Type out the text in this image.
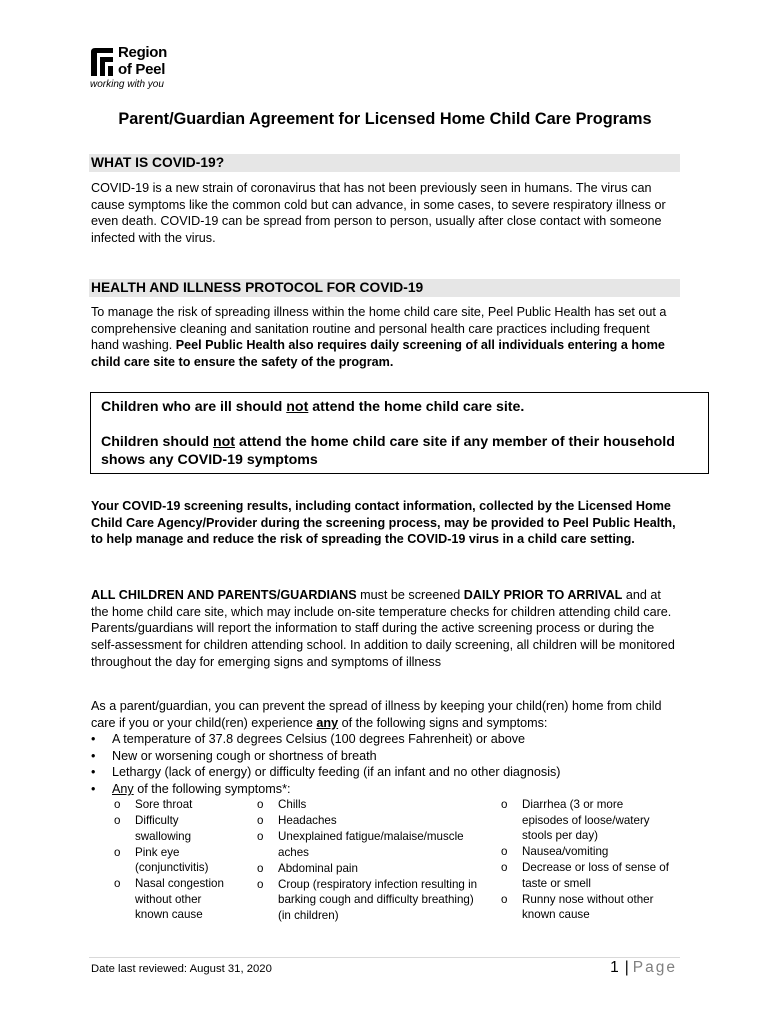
Region
of Peel
working with you
Parent/Guardian Agreement for Licensed Home Child Care Programs
WHAT IS COVID-19?
COVID-19 is a new strain of coronavirus that has not been previously seen in humans. The virus can cause symptoms like the common cold but can advance, in some cases, to severe respiratory illness or even death. COVID-19 can be spread from person to person, usually after close contact with someone infected with the virus.
HEALTH AND ILLNESS PROTOCOL FOR COVID-19
To manage the risk of spreading illness within the home child care site, Peel Public Health has set out a comprehensive cleaning and sanitation routine and personal health care practices including frequent hand washing. Peel Public Health also requires daily screening of all individuals entering a home child care site to ensure the safety of the program.

Children who are ill should not attend the home child care site.

Children should not attend the home child care site if any member of their household shows any COVID-19 symptoms

Your COVID-19 screening results, including contact information, collected by the Licensed Home Child Care Agency/Provider during the screening process, may be provided to Peel Public Health, to help manage and reduce the risk of spreading the COVID-19 virus in a child care setting.
ALL CHILDREN AND PARENTS/GUARDIANS must be screened DAILY PRIOR TO ARRIVAL and at the home child care site, which may include on-site temperature checks for children attending child care. Parents/guardians will report the information to staff during the active screening process or during the self-assessment for children attending school. In addition to daily screening, all children will be monitored throughout the day for emerging signs and symptoms of illness
As a parent/guardian, you can prevent the spread of illness by keeping your child(ren) home from child care if you or your child(ren) experience any of the following signs and symptoms:
• A temperature of 37.8 degrees Celsius (100 degrees Fahrenheit) or above
• New or worsening cough or shortness of breath
• Lethargy (lack of energy) or difficulty feeding (if an infant and no other diagnosis)
• Any of the following symptoms*:
o Sore throat
o Difficulty swallowing
o Pink eye (conjunctivitis)
o Nasal congestion without other known cause
o Chills
o Headaches
o Unexplained fatigue/malaise/muscle aches
o Abdominal pain
o Croup (respiratory infection resulting in barking cough and difficulty breathing) (in children)
o Diarrhea (3 or more episodes of loose/watery stools per day)
o Nausea/vomiting
o Decrease or loss of sense of taste or smell
o Runny nose without other known cause
Date last reviewed: August 31, 2020	1 | Page
